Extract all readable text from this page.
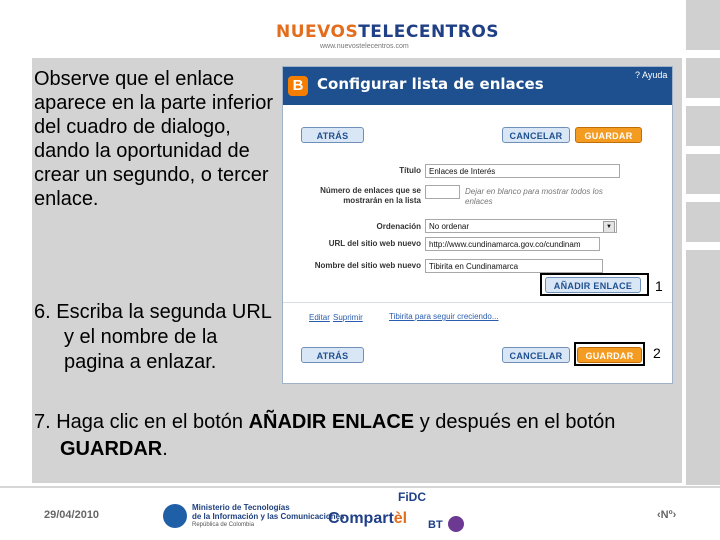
NUEVOSTELECENTROS
www.nuevostelecentros.com
Observe que el enlace aparece en la parte inferior del cuadro de dialogo, dando la oportunidad de crear un segundo, o tercer enlace.
6. Escriba la segunda URL y el nombre de la pagina a enlazar.
7. Haga clic en el botón AÑADIR ENLACE y después en el botón GUARDAR.
B Configurar lista de enlaces	? Ayuda
ATRÁS	CANCELAR	GUARDAR
Título	Enlaces de Interés
Número de enlaces que se mostrarán en la lista
Dejar en blanco para mostrar todos los enlaces
Ordenación	No ordenar	▼
URL del sitio web nuevo	http://www.cundinamarca.gov.co/cundinam
Nombre del sitio web nuevo	Tibirita en Cundinamarca
AÑADIR ENLACE
Editar Suprimir	Tibirita para seguir creciendo...
ATRÁS	CANCELAR	GUARDAR
1
2
29/04/2010
Ministerio de Tecnologías
de la Información y las Comunicaciones
República de Colombia	Compartèl
FiDC
BT
‹Nº›
